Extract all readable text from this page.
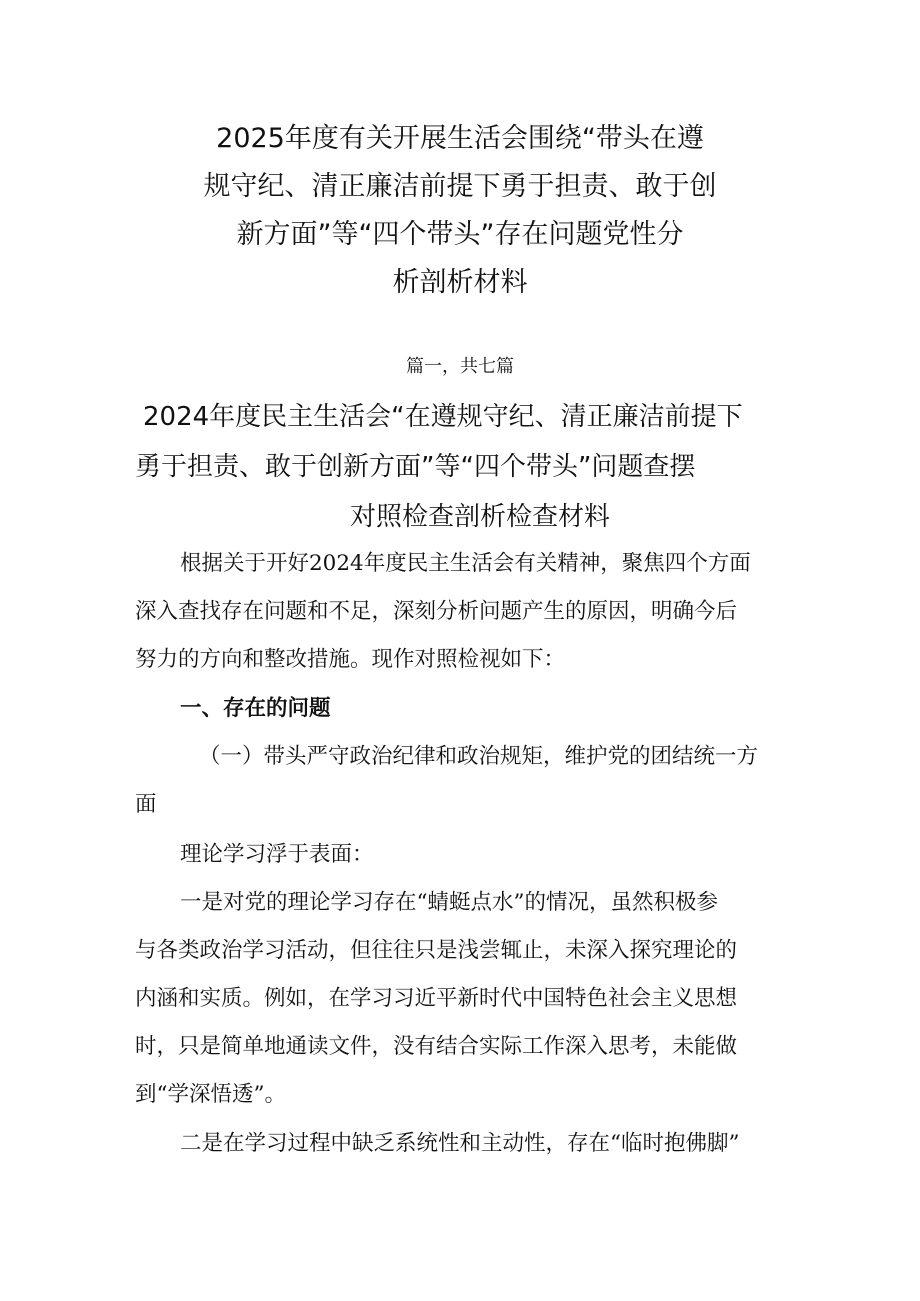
2025年度有关开展生活会围绕“带头在遵
规守纪、清正廉洁前提下勇于担责、敢于创
新方面”等“四个带头”存在问题党性分
析剖析材料
篇一，共七篇
2024年度民主生活会“在遵规守纪、清正廉洁前提下
勇于担责、敢于创新方面”等“四个带头”问题查摆
对照检查剖析检查材料
根据关于开好2024年度民主生活会有关精神，聚焦四个方面
深入查找存在问题和不足，深刻分析问题产生的原因，明确今后
努力的方向和整改措施。现作对照检视如下：
一、存在的问题
（一）带头严守政治纪律和政治规矩，维护党的团结统一方
面
理论学习浮于表面：
一是对党的理论学习存在“蜻蜓点水”的情况，虽然积极参
与各类政治学习活动，但往往只是浅尝辄止，未深入探究理论的
内涵和实质。例如，在学习习近平新时代中国特色社会主义思想
时，只是简单地通读文件，没有结合实际工作深入思考，未能做
到“学深悟透”。
二是在学习过程中缺乏系统性和主动性，存在“临时抱佛脚”
